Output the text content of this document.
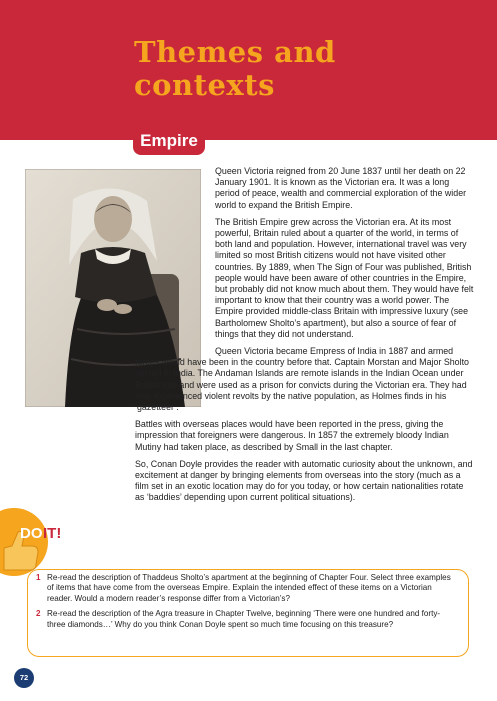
Themes and
contexts
Empire

Queen Victoria reigned from 20 June 1837 until her death on 22 January 1901. It is known as the Victorian era. It was a long period of peace, wealth and commercial exploration of the wider world to expand the British Empire.

The British Empire grew across the Victorian era. At its most powerful, Britain ruled about a quarter of the world, in terms of both land and population. However, international travel was very limited so most British citizens would not have visited other countries. By 1889, when The Sign of Four was published, British people would have been aware of other countries in the Empire, but probably did not know much about them. They would have felt important to know that their country was a world power. The Empire provided middle-class Britain with impressive luxury (see Bartholomew Sholto’s apartment), but also a source of fear of things that they did not understand.

Queen Victoria became Empress of India in 1887 and armed forces would have been in the country before that. Captain Morstan and Major Sholto served in India. The Andaman Islands are remote islands in the Indian Ocean under British rule and were used as a prison for convicts during the Victorian era. They had also experienced violent revolts by the native population, as Holmes finds in his ‘gazetteer’.

Battles with overseas places would have been reported in the press, giving the impression that foreigners were dangerous. In 1857 the extremely bloody Indian Mutiny had taken place, as described by Small in the last chapter.

So, Conan Doyle provides the reader with automatic curiosity about the unknown, and excitement at danger by bringing elements from overseas into the story (much as a film set in an exotic location may do for you today, or how certain nationalities rotate as ‘baddies’ depending upon current political situations).

DO IT!
1 Re-read the description of Thaddeus Sholto’s apartment at the beginning of Chapter Four. Select three examples of items that have come from the overseas Empire. Explain the intended effect of these items on a Victorian reader. Would a modern reader’s response differ from a Victorian’s?
2 Re-read the description of the Agra treasure in Chapter Twelve, beginning ‘There were one hundred and forty-three diamonds…’ Why do you think Conan Doyle spent so much time focusing on this treasure?
72
